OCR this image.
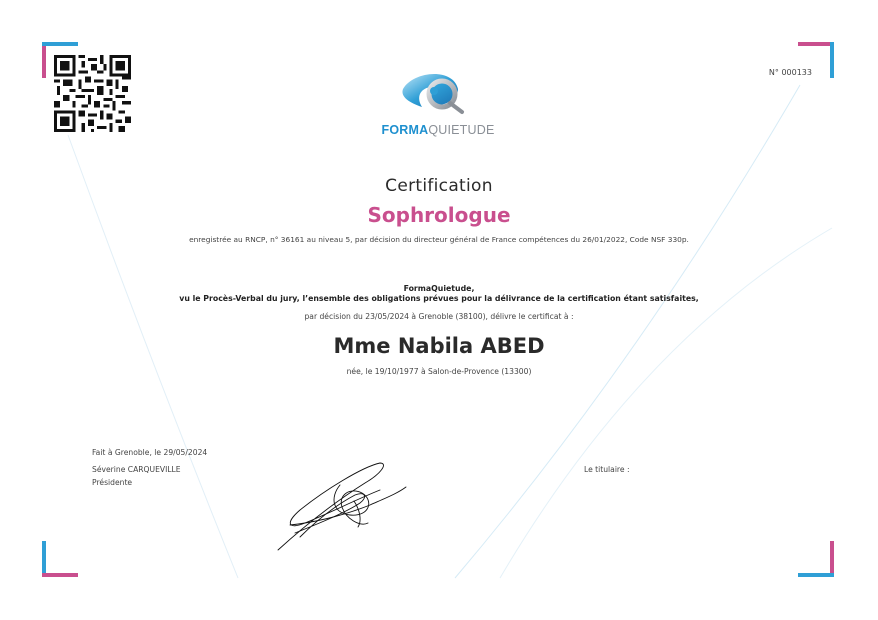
N° 000133
FORMAQUIETUDE
Certification
Sophrologue
enregistrée au RNCP, n° 36161 au niveau 5, par décision du directeur général de France compétences du 26/01/2022, Code NSF 330p.
FormaQuietude,
vu le Procès-Verbal du jury, l’ensemble des obligations prévues pour la délivrance de la certification étant satisfaites,
par décision du 23/05/2024 à Grenoble (38100), délivre le certificat à :
Mme Nabila ABED
née, le 19/10/1977 à Salon-de-Provence (13300)
Fait à Grenoble, le 29/05/2024
Séverine CARQUEVILLE
Présidente
Le titulaire :
